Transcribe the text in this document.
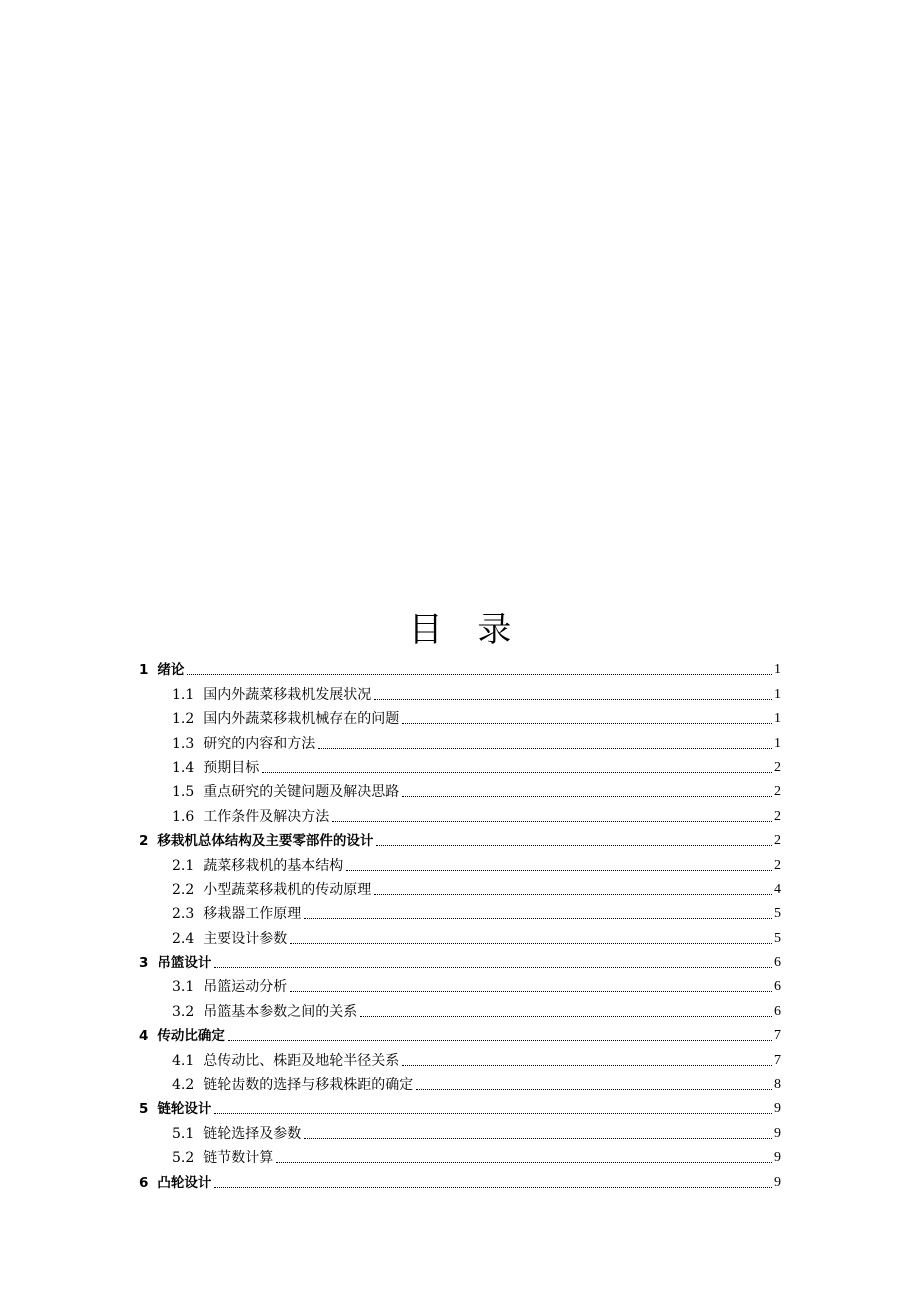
目 录
1 绪论	1
1.1 国内外蔬菜移栽机发展状况	1
1.2 国内外蔬菜移栽机械存在的问题	1
1.3 研究的内容和方法	1
1.4 预期目标	2
1.5 重点研究的关键问题及解决思路	2
1.6 工作条件及解决方法	2
2 移栽机总体结构及主要零部件的设计	2
2.1 蔬菜移栽机的基本结构	2
2.2 小型蔬菜移栽机的传动原理	4
2.3 移栽器工作原理	5
2.4 主要设计参数	5
3 吊篮设计	6
3.1 吊篮运动分析	6
3.2 吊篮基本参数之间的关系	6
4 传动比确定	7
4.1 总传动比、株距及地轮半径关系	7
4.2 链轮齿数的选择与移栽株距的确定	8
5 链轮设计	9
5.1 链轮选择及参数	9
5.2 链节数计算	9
6 凸轮设计	9
